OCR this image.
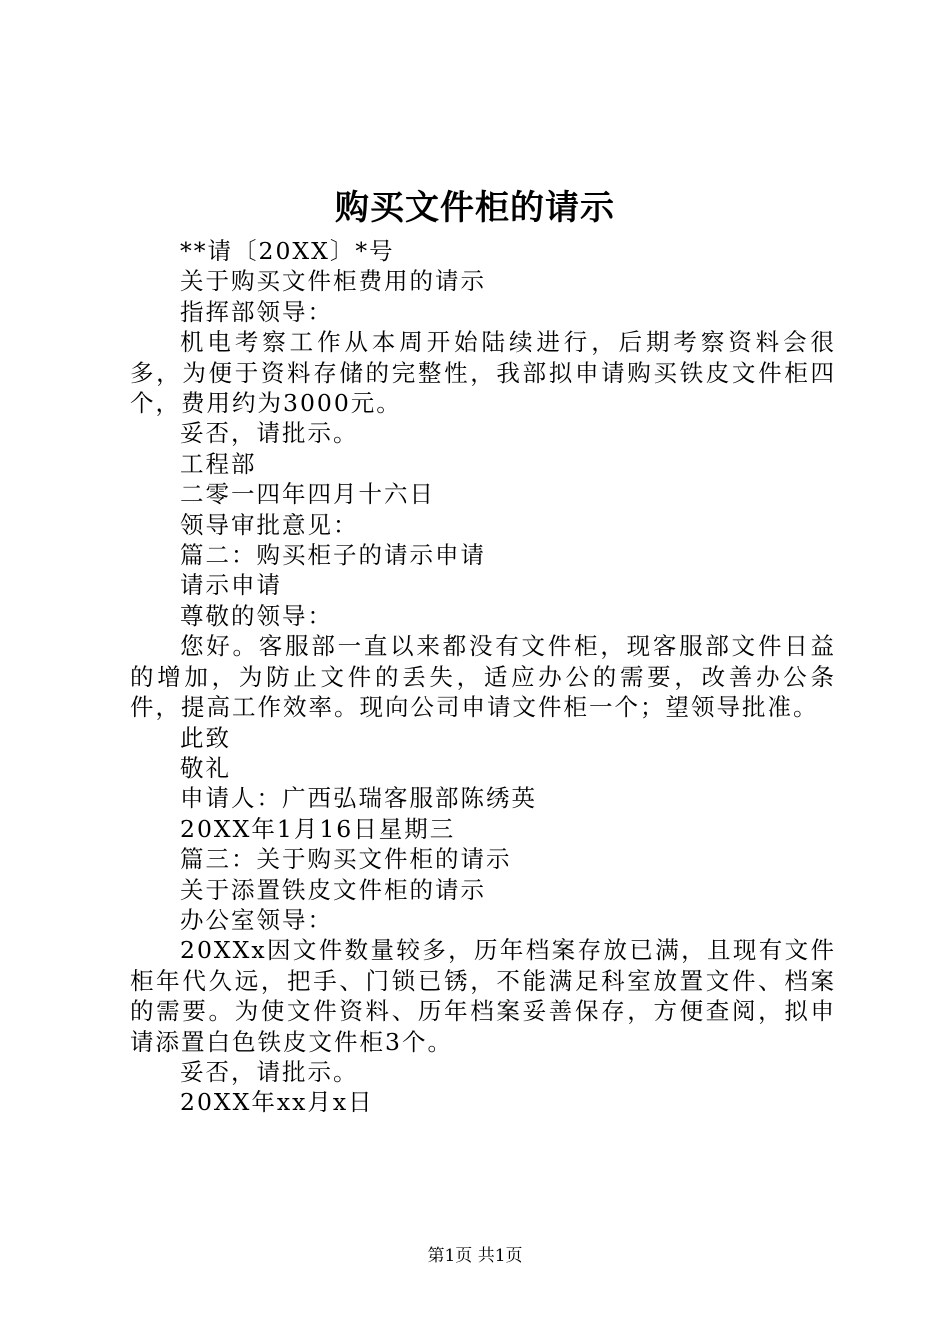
购买文件柜的请示

**请〔20XX〕*号

关于购买文件柜费用的请示

指挥部领导：

机电考察工作从本周开始陆续进行，后期考察资料会很多，为便于资料存储的完整性，我部拟申请购买铁皮文件柜四个，费用约为3000元。

妥否，请批示。

工程部

二零一四年四月十六日

领导审批意见：

篇二：购买柜子的请示申请

请示申请

尊敬的领导：

您好。客服部一直以来都没有文件柜，现客服部文件日益的增加，为防止文件的丢失，适应办公的需要，改善办公条件，提高工作效率。现向公司申请文件柜一个；望领导批准。

此致

敬礼

申请人：广西弘瑞客服部陈绣英

20XX年1月16日星期三

篇三：关于购买文件柜的请示

关于添置铁皮文件柜的请示

办公室领导：

20XXx因文件数量较多，历年档案存放已满，且现有文件柜年代久远，把手、门锁已锈，不能满足科室放置文件、档案的需要。为使文件资料、历年档案妥善保存，方便查阅，拟申请添置白色铁皮文件柜3个。

妥否，请批示。

20XX年xx月x日

第1页 共1页
